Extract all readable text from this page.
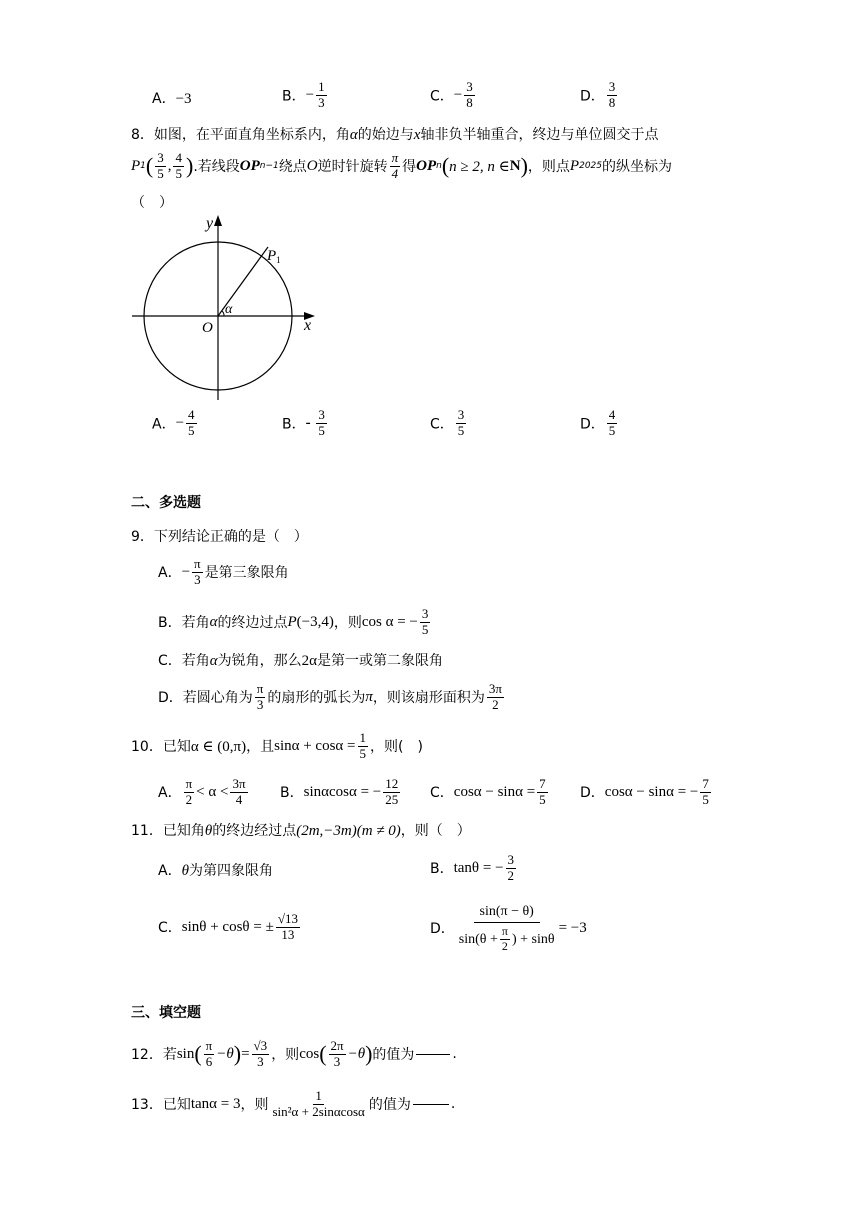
A．−3	B．− $\frac{1}{3}$	C．− $\frac{3}{8}$	D． $\frac{3}{8}$
8．如图，在平面直角坐标系内，角α的始边与x轴非负半轴重合，终边与单位圆交于点
P 1 ( $\frac{3}{5}$ , $\frac{4}{5}$ ) .若线段 OP n−1 绕点 O 逆时针旋转 $\frac{\pi}{4}$ 得 OP n ( n ≥ 2, n ∈ N ) ，则点 P 2025 的纵坐标为
（　）
y
x
O
α
$P_1$
A．− $\frac{4}{5}$	B．- $\frac{3}{5}$	C． $\frac{3}{5}$	D． $\frac{4}{5}$
二、多选题
9．下列结论正确的是（　）
A． − $\frac{\pi}{3}$ 是第三象限角
B． 若角 α 的终边过点 P (−3,4) ，则 cos α = − $\frac{3}{5}$
C．若角α为锐角，那么2α是第一或第二象限角
D． 若圆心角为 $\frac{\pi}{3}$ 的扇形的弧长为 π ，则该扇形面积为 $\frac{3\pi}{2}$
10．已知 α ∈ (0,π) ，且 $\sin\alpha + \cos\alpha = \frac{1}{5}$ ，则(　)
A． $\frac{\pi}{2} < \alpha < \frac{3\pi}{4}$ B． sinαcosα = − $\frac{12}{25}$ C． $\cos\alpha - \sin\alpha = \frac{7}{5}$ D． cosα − sinα = − $\frac{7}{5}$
11．已知角θ的终边经过点(2m,−3m)(m ≠ 0)，则（　）
A．θ为第四象限角	B． tanθ = − $\frac{3}{2}$
C． sinθ + cosθ = ± $\frac{√13}{13}$	D． $\frac{\sin(\pi - \theta)}{\sin(\theta + \frac{\pi}{2} ) + \sin\theta} = -3$
三、填空题
12．若 sin ( $\frac{\pi}{6} -\theta$ ) = $\frac{√3}{3}$ ，则 cos ( $\frac{2\pi}{3} -\theta$ ) 的值为	.
13．已知 tanα = 3 ，则 $\frac{1}{\text{sin²α + 2sinαcosα}}$ 的值为	.
